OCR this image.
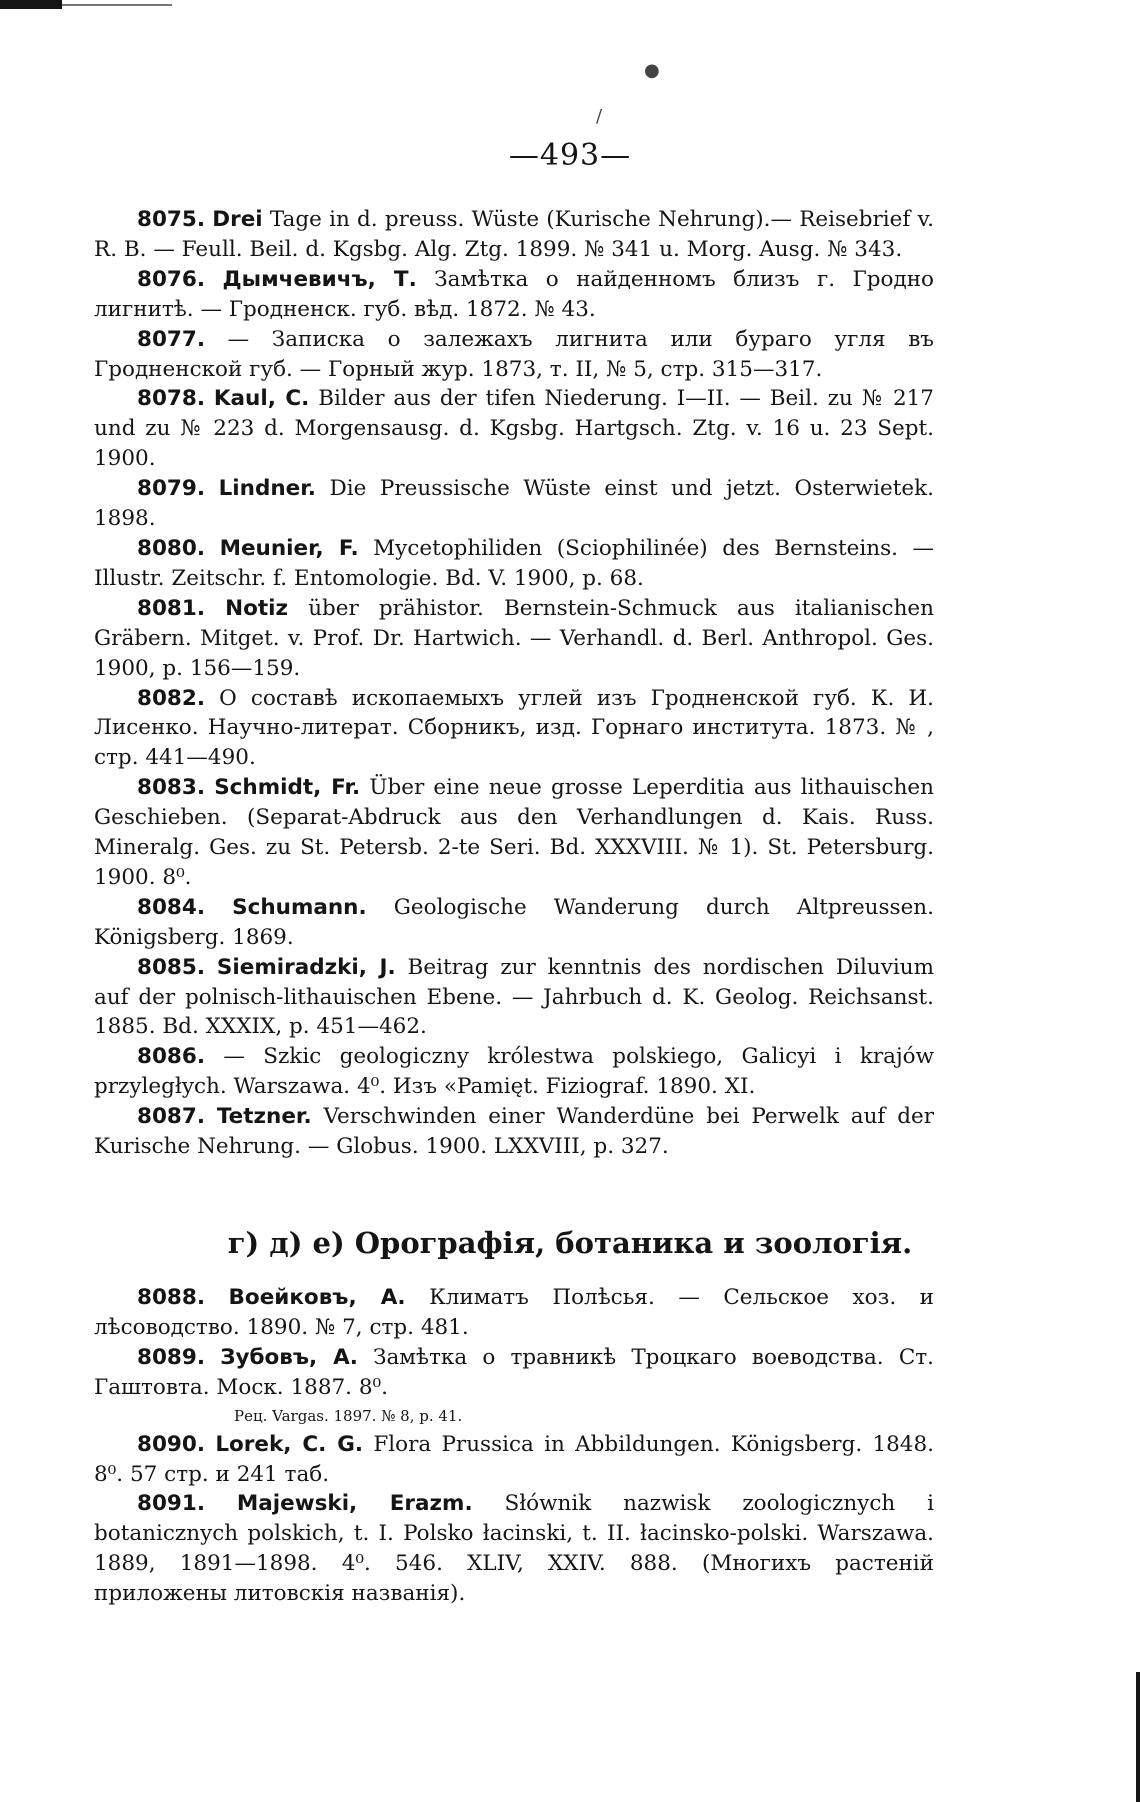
●
/
—493—

8075. Drei Tage in d. preuss. Wüste (Kurische Nehrung).— Reisebrief v. R. B. — Feull. Beil. d. Kgsbg. Alg. Ztg. 1899. № 341 u. Morg. Ausg. № 343.

8076. Дымчевичъ, Т. Замѣтка о найденномъ близъ г. Гродно лигнитѣ. — Гродненск. губ. вѣд. 1872. № 43.

8077. — Записка о залежахъ лигнита или бураго угля въ Гродненской губ. — Горный жур. 1873, т. II, № 5, стр. 315—317.

8078. Kaul, C. Bilder aus der tifen Niederung. I—II. — Beil. zu № 217 und zu № 223 d. Morgensausg. d. Kgsbg. Hartgsch. Ztg. v. 16 u. 23 Sept. 1900.

8079. Lindner. Die Preussische Wüste einst und jetzt. Osterwietek. 1898.

8080. Meunier, F. Mycetophiliden (Sciophilinée) des Bernsteins. — Illustr. Zeitschr. f. Entomologie. Bd. V. 1900, p. 68.

8081. Notiz über prähistor. Bernstein-Schmuck aus italianischen Gräbern. Mitget. v. Prof. Dr. Hartwich. — Verhandl. d. Berl. Anthropol. Ges. 1900, p. 156—159.

8082. О составѣ ископаемыхъ углей изъ Гродненской губ. К. И. Лисенко. Научно-литерат. Сборникъ, изд. Горнаго института. 1873. № , стр. 441—490.

8083. Schmidt, Fr. Über eine neue grosse Leperditia aus lithauischen Geschieben. (Separat-Abdruck aus den Verhandlungen d. Kais. Russ. Mineralg. Ges. zu St. Petersb. 2-te Seri. Bd. XXXVIII. № 1). St. Petersburg. 1900. 8⁰.

8084. Schumann. Geologische Wanderung durch Altpreussen. Königsberg. 1869.

8085. Siemiradzki, J. Beitrag zur kenntnis des nordischen Diluvium auf der polnisch-lithauischen Ebene. — Jahrbuch d. K. Geolog. Reichsanst. 1885. Bd. XXXIX, p. 451—462.

8086. — Szkic geologiczny królestwa polskiego, Galicyi i krajów przyległych. Warszawa. 4⁰. Изъ «Pamięt. Fiziograf. 1890. XI.

8087. Tetzner. Verschwinden einer Wanderdüne bei Perwelk auf der Kurische Nehrung. — Globus. 1900. LXXVIII, p. 327.

г) д) е) Орографія, ботаника и зоологія.

8088. Воейковъ, А. Климатъ Полѣсья. — Сельское хоз. и лѣсоводство. 1890. № 7, стр. 481.

8089. Зубовъ, А. Замѣтка о травникѣ Троцкаго воеводства. Ст. Гаштовта. Моск. 1887. 8⁰.

Рец. Vargas. 1897. № 8, p. 41.

8090. Lorek, C. G. Flora Prussica in Abbildungen. Königsberg. 1848. 8⁰. 57 стр. и 241 таб.

8091. Majewski, Erazm. Słównik nazwisk zoologicznych i botanicznych polskich, t. I. Polsko łacinski, t. II. łacinsko-polski. Warszawa. 1889, 1891—1898. 4⁰. 546. XLIV, XXIV. 888. (Многихъ растеній приложены литовскія названія).
